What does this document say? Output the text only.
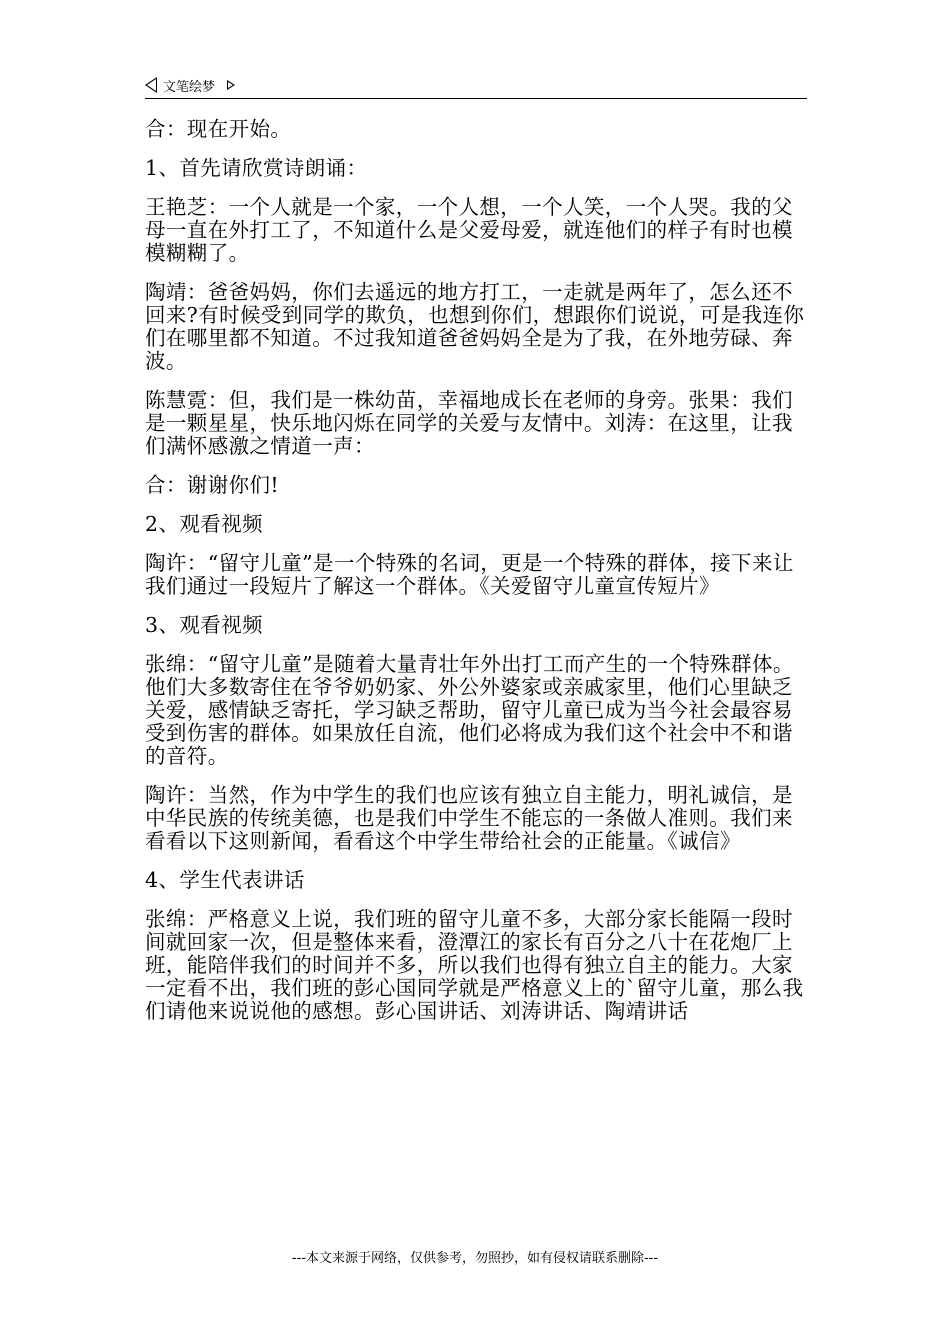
文笔绘梦

合：现在开始。

1、首先请欣赏诗朗诵：

王艳芝：一个人就是一个家，一个人想，一个人笑，一个人哭。我的父母一直在外打工了，不知道什么是父爱母爱，就连他们的样子有时也模模糊糊了。

陶靖：爸爸妈妈，你们去遥远的地方打工，一走就是两年了，怎么还不回来?有时候受到同学的欺负，也想到你们，想跟你们说说，可是我连你们在哪里都不知道。不过我知道爸爸妈妈全是为了我，在外地劳碌、奔波。

陈慧霓：但，我们是一株幼苗，幸福地成长在老师的身旁。张果：我们是一颗星星，快乐地闪烁在同学的关爱与友情中。刘涛：在这里，让我们满怀感激之情道一声：

合：谢谢你们!

2、观看视频

陶许：“留守儿童”是一个特殊的名词，更是一个特殊的群体，接下来让我们通过一段短片了解这一个群体。《关爱留守儿童宣传短片》

3、观看视频

张绵：“留守儿童”是随着大量青壮年外出打工而产生的一个特殊群体。他们大多数寄住在爷爷奶奶家、外公外婆家或亲戚家里，他们心里缺乏关爱，感情缺乏寄托，学习缺乏帮助，留守儿童已成为当今社会最容易受到伤害的群体。如果放任自流，他们必将成为我们这个社会中不和谐的音符。

陶许：当然，作为中学生的我们也应该有独立自主能力，明礼诚信，是中华民族的传统美德，也是我们中学生不能忘的一条做人准则。我们来看看以下这则新闻，看看这个中学生带给社会的正能量。《诚信》

4、学生代表讲话

张绵：严格意义上说，我们班的留守儿童不多，大部分家长能隔一段时间就回家一次，但是整体来看，澄潭江的家长有百分之八十在花炮厂上班，能陪伴我们的时间并不多，所以我们也得有独立自主的能力。大家一定看不出，我们班的彭心国同学就是严格意义上的`留守儿童，那么我们请他来说说他的感想。彭心国讲话、刘涛讲话、陶靖讲话

---本文来源于网络，仅供参考，勿照抄，如有侵权请联系删除---
